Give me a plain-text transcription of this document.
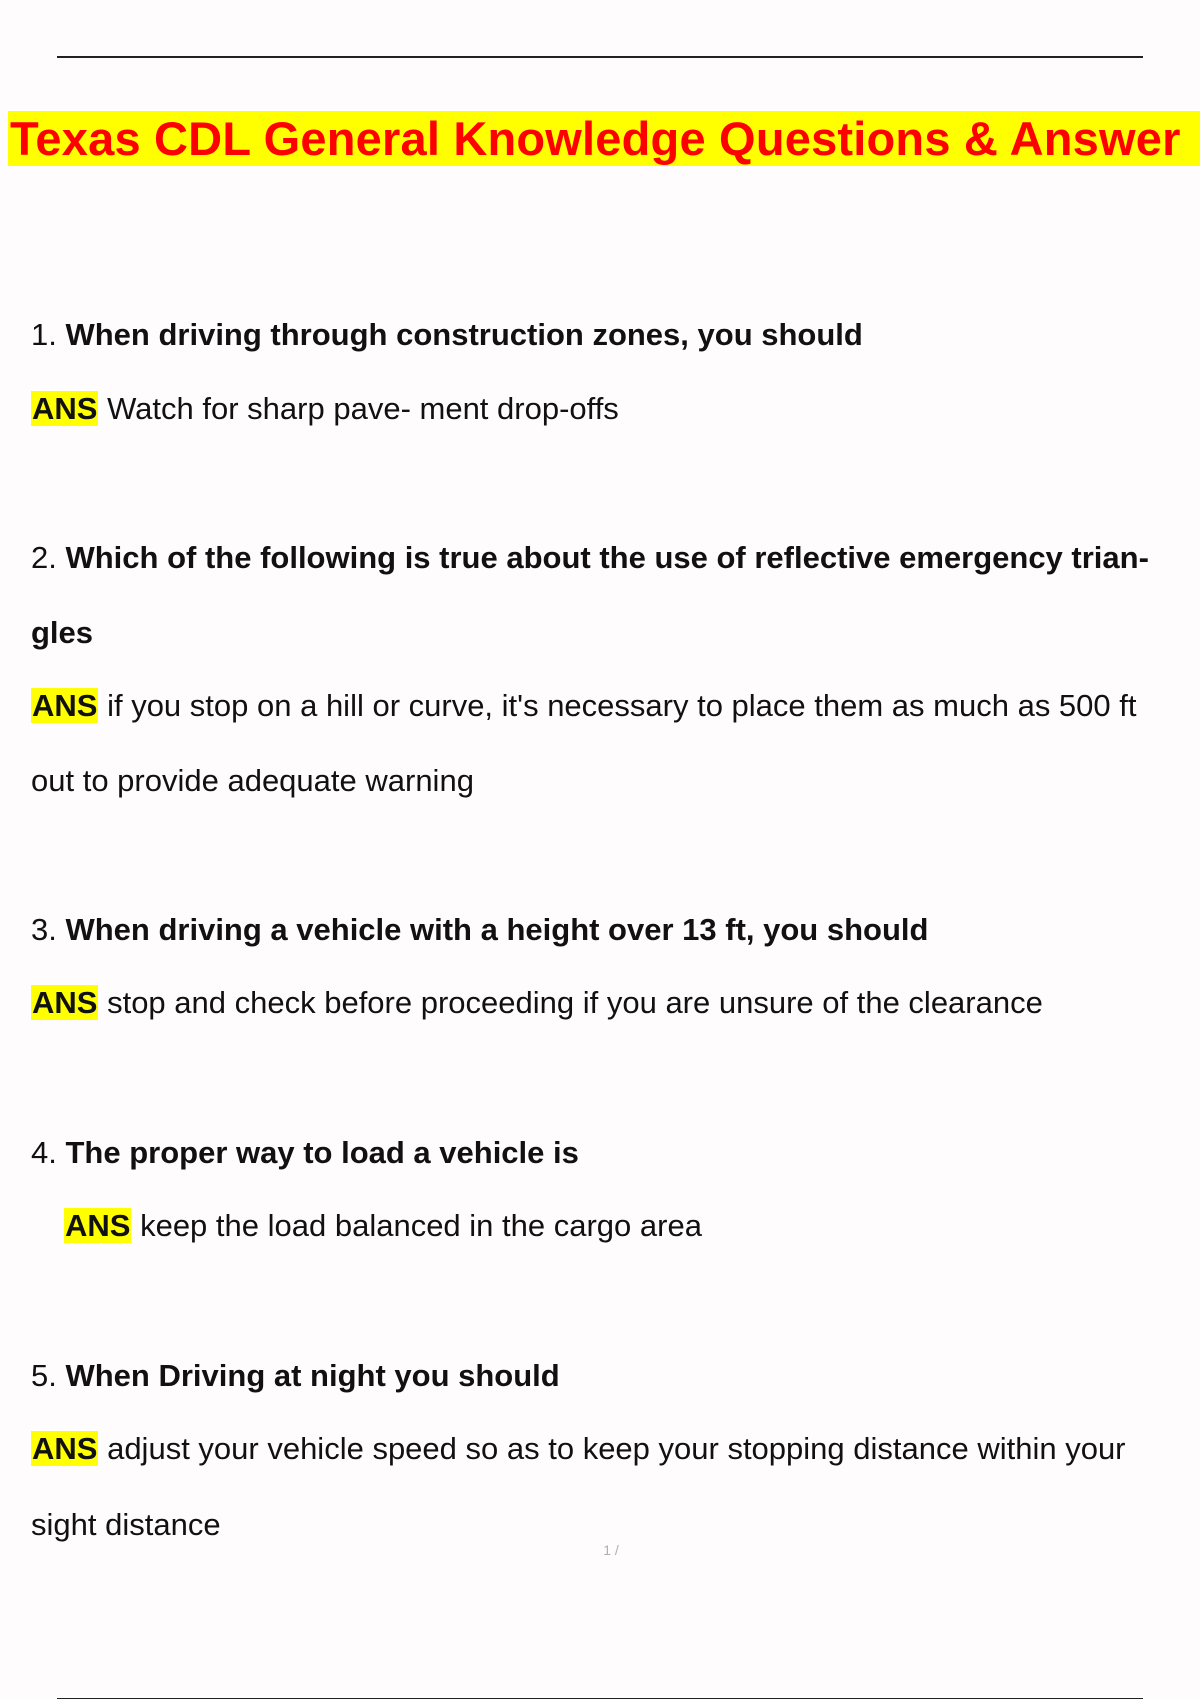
Texas CDL General Knowledge Questions & Answer
1. When driving through construction zones, you should
ANS Watch for sharp pave- ment drop-offs
2. Which of the following is true about the use of reflective emergency trian-
gles
ANS if you stop on a hill or curve, it's necessary to place them as much as 500 ft
out to provide adequate warning
3. When driving a vehicle with a height over 13 ft, you should
ANS stop and check before proceeding if you are unsure of the clearance
4. The proper way to load a vehicle is
ANS keep the load balanced in the cargo area
5. When Driving at night you should
ANS adjust your vehicle speed so as to keep your stopping distance within your
sight distance
1 /
